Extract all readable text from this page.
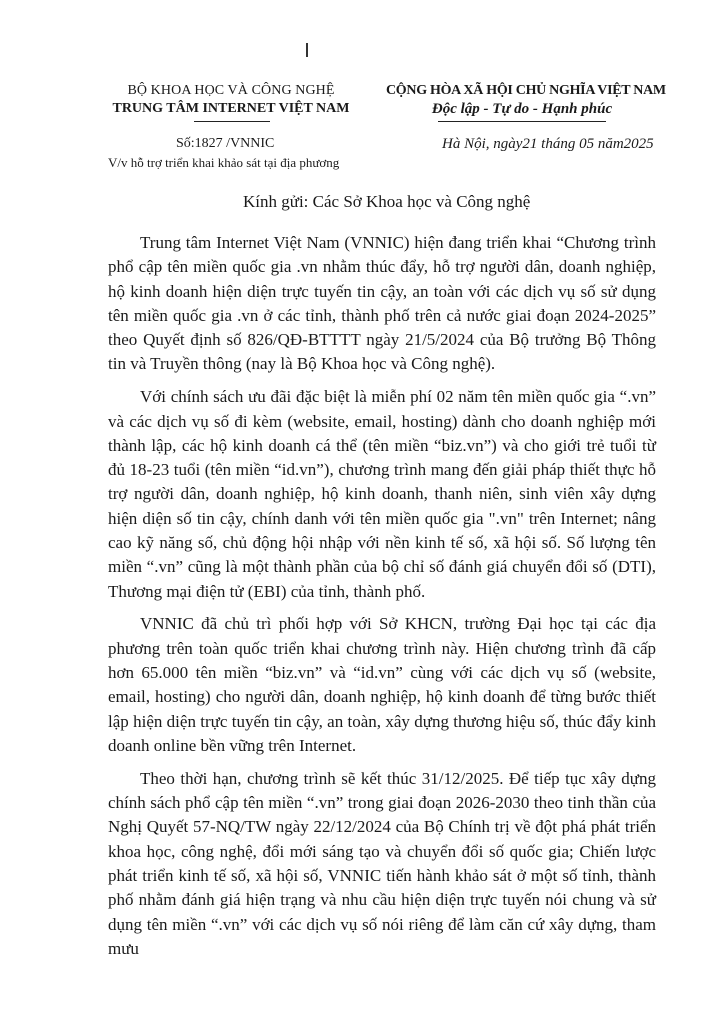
BỘ KHOA HỌC VÀ CÔNG NGHỆ
TRUNG TÂM INTERNET VIỆT NAM
CỘNG HÒA XÃ HỘI CHỦ NGHĨA VIỆT NAM
Độc lập - Tự do - Hạnh phúc
Số:1827 /VNNIC
V/v hỗ trợ triển khai khảo sát tại địa phương
Hà Nội, ngày21 tháng 05 năm2025
Kính gửi: Các Sở Khoa học và Công nghệ

Trung tâm Internet Việt Nam (VNNIC) hiện đang triển khai “Chương trình phổ cập tên miền quốc gia .vn nhằm thúc đẩy, hỗ trợ người dân, doanh nghiệp, hộ kinh doanh hiện diện trực tuyến tin cậy, an toàn với các dịch vụ số sử dụng tên miền quốc gia .vn ở các tỉnh, thành phố trên cả nước giai đoạn 2024-2025” theo Quyết định số 826/QĐ-BTTTT ngày 21/5/2024 của Bộ trưởng Bộ Thông tin và Truyền thông (nay là Bộ Khoa học và Công nghệ).

Với chính sách ưu đãi đặc biệt là miễn phí 02 năm tên miền quốc gia “.vn” và các dịch vụ số đi kèm (website, email, hosting) dành cho doanh nghiệp mới thành lập, các hộ kinh doanh cá thể (tên miền “biz.vn”) và cho giới trẻ tuổi từ đủ 18-23 tuổi (tên miền “id.vn”), chương trình mang đến giải pháp thiết thực hỗ trợ người dân, doanh nghiệp, hộ kinh doanh, thanh niên, sinh viên xây dựng hiện diện số tin cậy, chính danh với tên miền quốc gia ".vn" trên Internet; nâng cao kỹ năng số, chủ động hội nhập với nền kinh tế số, xã hội số. Số lượng tên miền “.vn” cũng là một thành phần của bộ chỉ số đánh giá chuyển đổi số (DTI), Thương mại điện tử (EBI) của tỉnh, thành phố.

VNNIC đã chủ trì phối hợp với Sở KHCN, trường Đại học tại các địa phương trên toàn quốc triển khai chương trình này. Hiện chương trình đã cấp hơn 65.000 tên miền “biz.vn” và “id.vn” cùng với các dịch vụ số (website, email, hosting) cho người dân, doanh nghiệp, hộ kinh doanh để từng bước thiết lập hiện diện trực tuyến tin cậy, an toàn, xây dựng thương hiệu số, thúc đẩy kinh doanh online bền vững trên Internet.

Theo thời hạn, chương trình sẽ kết thúc 31/12/2025. Để tiếp tục xây dựng chính sách phổ cập tên miền “.vn” trong giai đoạn 2026-2030 theo tinh thần của Nghị Quyết 57-NQ/TW ngày 22/12/2024 của Bộ Chính trị về đột phá phát triển khoa học, công nghệ, đổi mới sáng tạo và chuyển đổi số quốc gia; Chiến lược phát triển kinh tế số, xã hội số, VNNIC tiến hành khảo sát ở một số tỉnh, thành phố nhằm đánh giá hiện trạng và nhu cầu hiện diện trực tuyến nói chung và sử dụng tên miền “.vn” với các dịch vụ số nói riêng để làm căn cứ xây dựng, tham mưu
